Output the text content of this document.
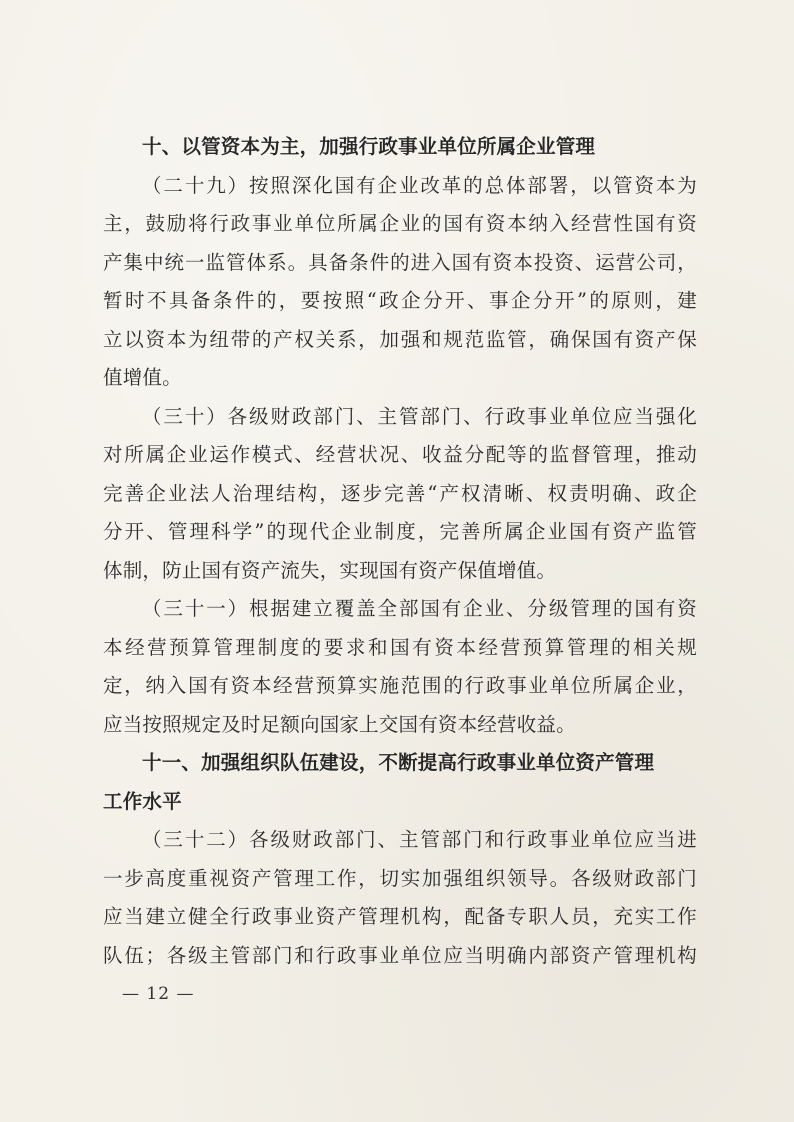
十、以管资本为主，加强行政事业单位所属企业管理
（二十九）按照深化国有企业改革的总体部署，以管资本为
主，鼓励将行政事业单位所属企业的国有资本纳入经营性国有资
产集中统一监管体系。具备条件的进入国有资本投资、运营公司，
暂时不具备条件的，要按照“政企分开、事企分开”的原则，建
立以资本为纽带的产权关系，加强和规范监管，确保国有资产保
值增值。
（三十）各级财政部门、主管部门、行政事业单位应当强化
对所属企业运作模式、经营状况、收益分配等的监督管理，推动
完善企业法人治理结构，逐步完善“产权清晰、权责明确、政企
分开、管理科学”的现代企业制度，完善所属企业国有资产监管
体制，防止国有资产流失，实现国有资产保值增值。
（三十一）根据建立覆盖全部国有企业、分级管理的国有资
本经营预算管理制度的要求和国有资本经营预算管理的相关规
定，纳入国有资本经营预算实施范围的行政事业单位所属企业，
应当按照规定及时足额向国家上交国有资本经营收益。
十一、加强组织队伍建设，不断提高行政事业单位资产管理
工作水平
（三十二）各级财政部门、主管部门和行政事业单位应当进
一步高度重视资产管理工作，切实加强组织领导。各级财政部门
应当建立健全行政事业资产管理机构，配备专职人员，充实工作
队伍；各级主管部门和行政事业单位应当明确内部资产管理机构
— 12 —
